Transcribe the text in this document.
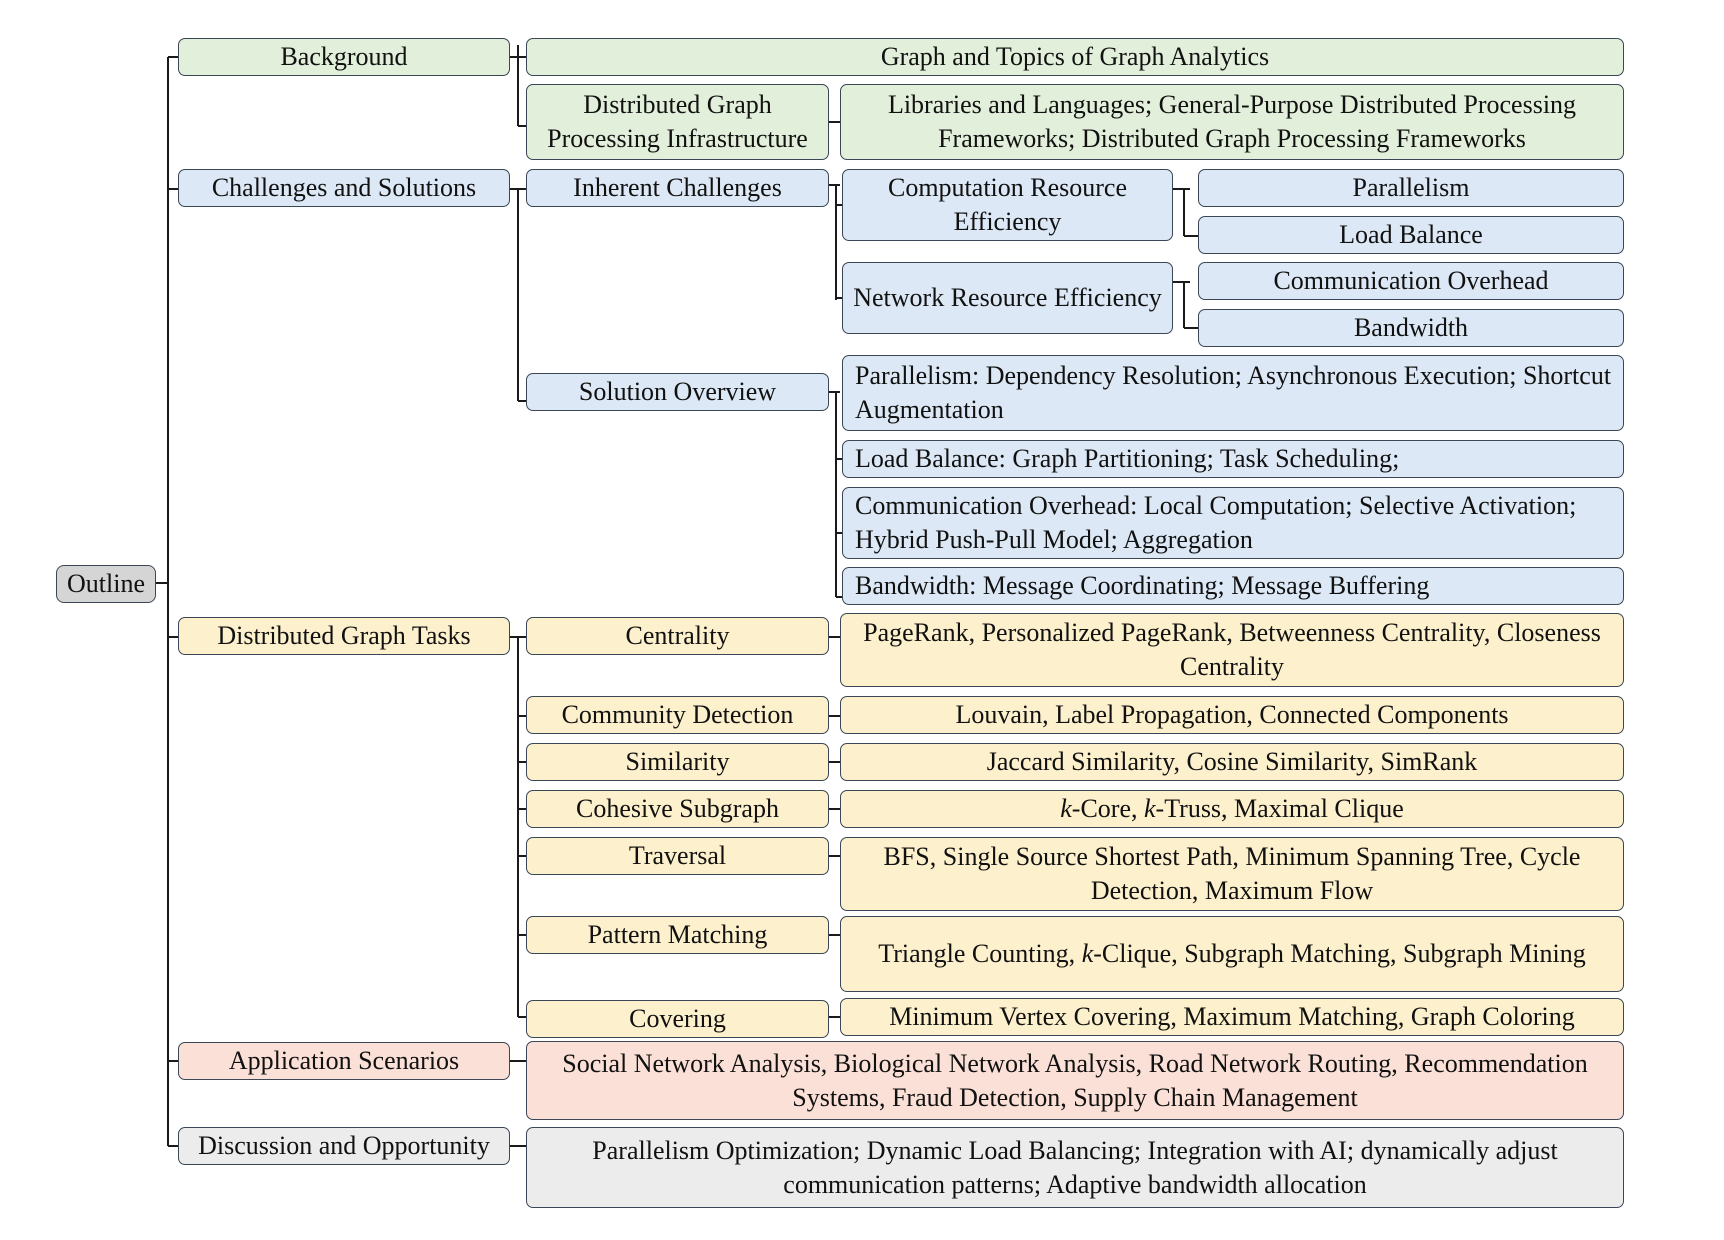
Outline
Background	Graph and Topics of Graph Analytics
Distributed Graph Processing Infrastructure
Libraries and Languages; General-Purpose Distributed Processing Frameworks; Distributed Graph Processing Frameworks
Challenges and Solutions	Inherent Challenges	Computation Resource Efficiency
Parallelism
Load Balance
Network Resource Efficiency
Communication Overhead
Bandwidth
Solution Overview
Parallelism: Dependency Resolution; Asynchronous Execution; Shortcut Augmentation
Load Balance: Graph Partitioning; Task Scheduling;
Communication Overhead: Local Computation; Selective Activation; Hybrid Push-Pull Model; Aggregation
Bandwidth: Message Coordinating; Message Buffering
Distributed Graph Tasks	Centrality	PageRank, Personalized PageRank, Betweenness Centrality, Closeness Centrality
Community Detection	Louvain, Label Propagation, Connected Components
Similarity	Jaccard Similarity, Cosine Similarity, SimRank
Cohesive Subgraph	k-Core, k-Truss, Maximal Clique
Traversal	BFS, Single Source Shortest Path, Minimum Spanning Tree, Cycle Detection, Maximum Flow
Pattern Matching
Triangle Counting, k-Clique, Subgraph Matching, Subgraph Mining
Covering	Minimum Vertex Covering, Maximum Matching, Graph Coloring
Application Scenarios	Social Network Analysis, Biological Network Analysis, Road Network Routing, Recommendation Systems, Fraud Detection, Supply Chain Management
Discussion and Opportunity	Parallelism Optimization; Dynamic Load Balancing; Integration with AI; dynamically adjust communication patterns; Adaptive bandwidth allocation
